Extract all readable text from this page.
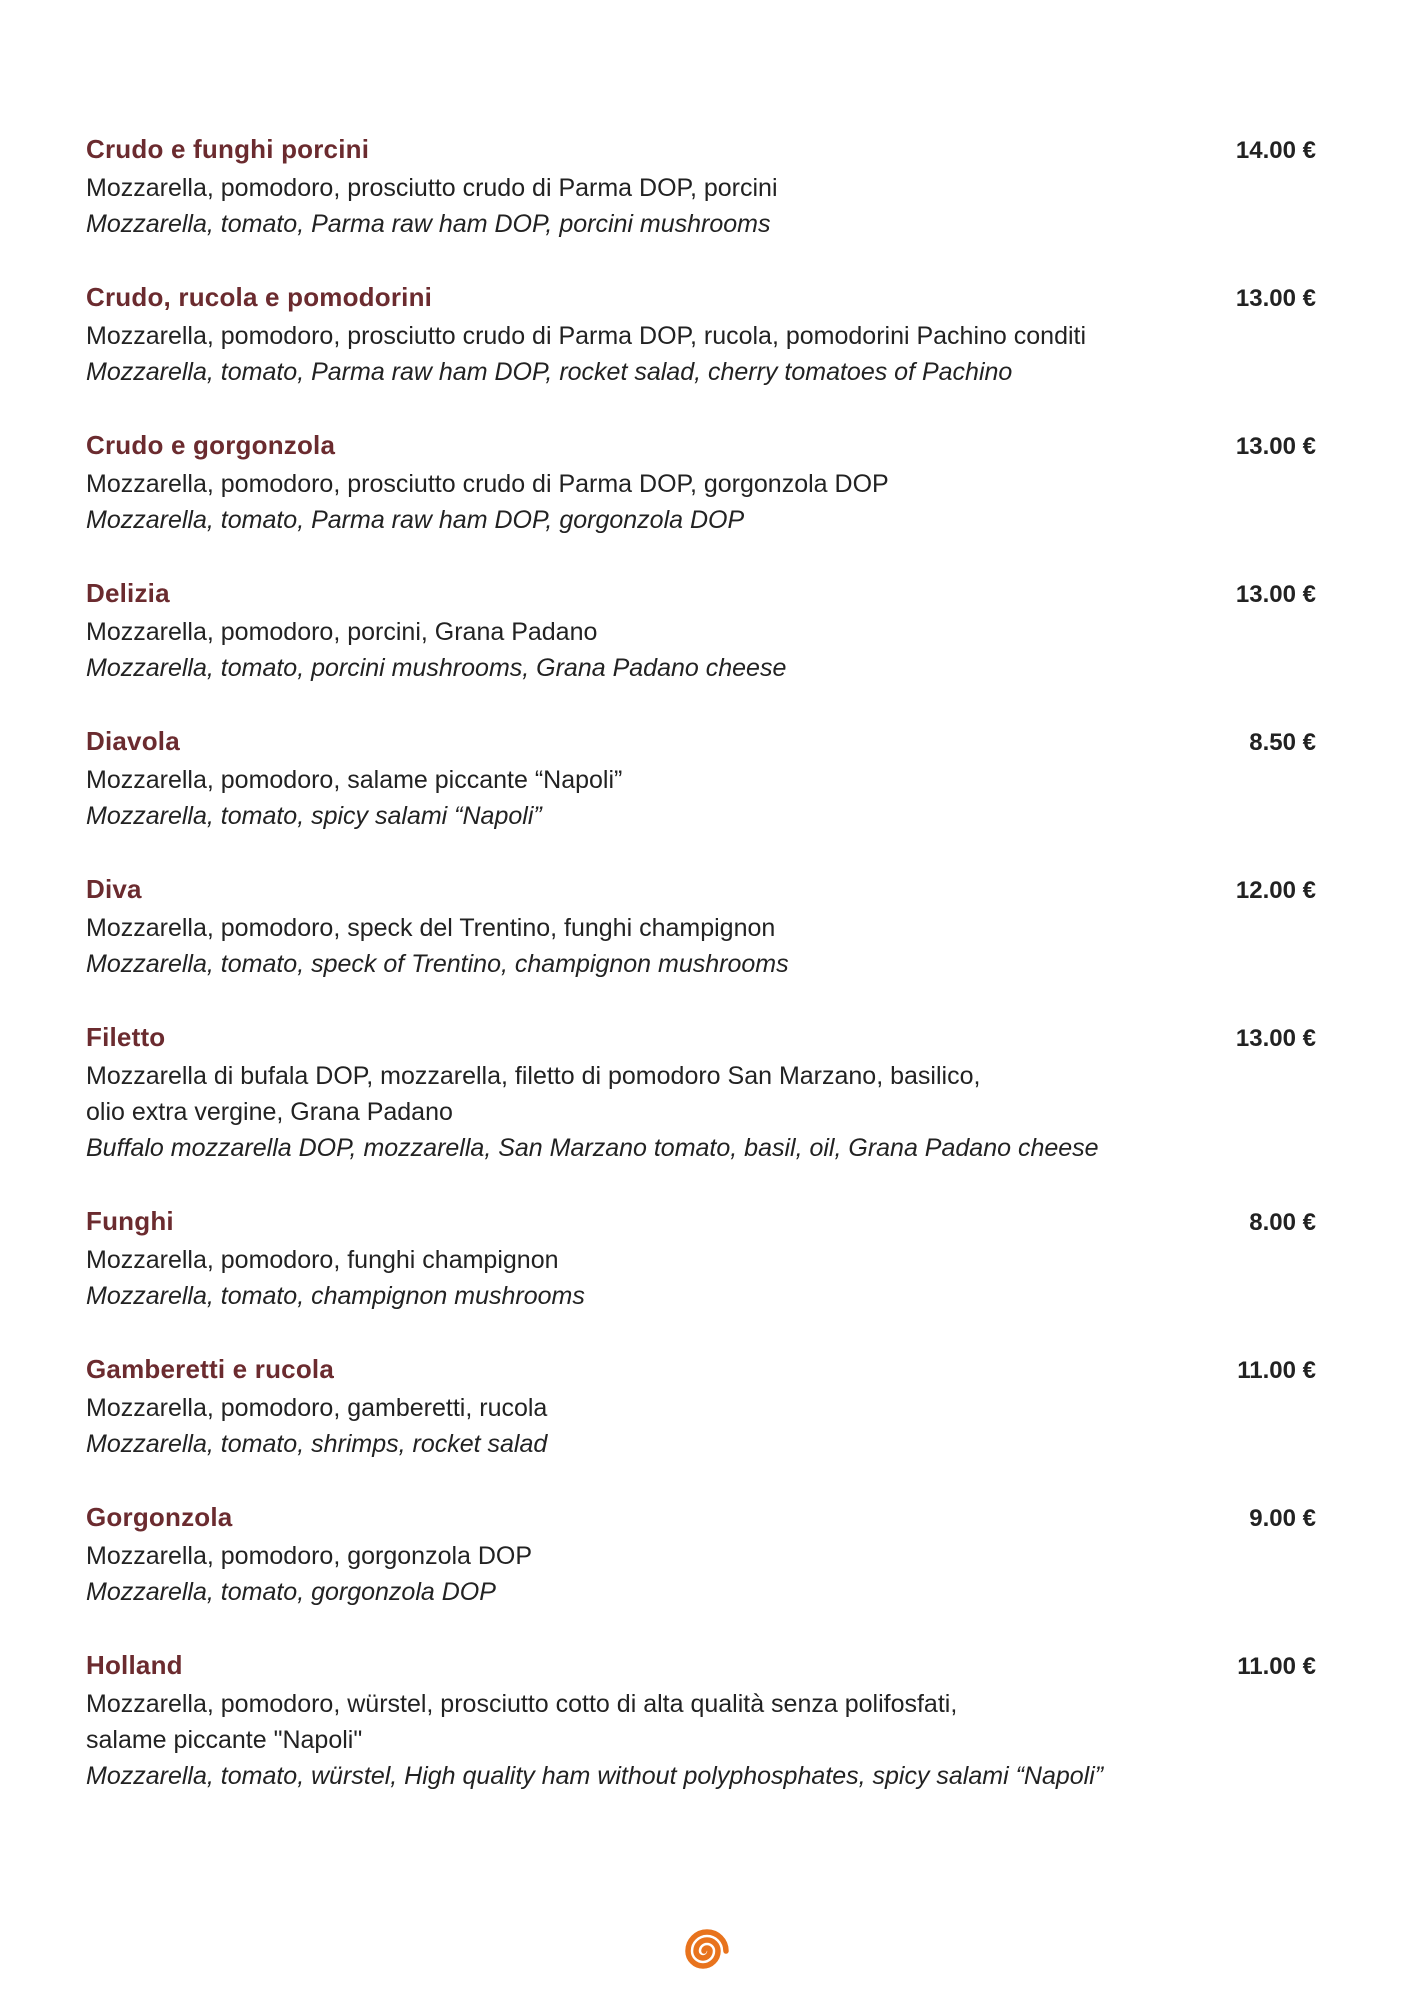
Crudo e funghi porcini	14.00 €
Mozzarella, pomodoro, prosciutto crudo di Parma DOP, porcini
Mozzarella, tomato, Parma raw ham DOP, porcini mushrooms
Crudo, rucola e pomodorini	13.00 €
Mozzarella, pomodoro, prosciutto crudo di Parma DOP, rucola, pomodorini Pachino conditi
Mozzarella, tomato, Parma raw ham DOP, rocket salad, cherry tomatoes of Pachino
Crudo e gorgonzola	13.00 €
Mozzarella, pomodoro, prosciutto crudo di Parma DOP, gorgonzola DOP
Mozzarella, tomato, Parma raw ham DOP, gorgonzola DOP
Delizia	13.00 €
Mozzarella, pomodoro, porcini, Grana Padano
Mozzarella, tomato, porcini mushrooms, Grana Padano cheese
Diavola	8.50 €
Mozzarella, pomodoro, salame piccante “Napoli”
Mozzarella, tomato, spicy salami “Napoli”
Diva	12.00 €
Mozzarella, pomodoro, speck del Trentino, funghi champignon
Mozzarella, tomato, speck of Trentino, champignon mushrooms
Filetto	13.00 €
Mozzarella di bufala DOP, mozzarella, filetto di pomodoro San Marzano, basilico,
olio extra vergine, Grana Padano
Buffalo mozzarella DOP, mozzarella, San Marzano tomato, basil, oil, Grana Padano cheese
Funghi	8.00 €
Mozzarella, pomodoro, funghi champignon
Mozzarella, tomato, champignon mushrooms
Gamberetti e rucola	11.00 €
Mozzarella, pomodoro, gamberetti, rucola
Mozzarella, tomato, shrimps, rocket salad
Gorgonzola	9.00 €
Mozzarella, pomodoro, gorgonzola DOP
Mozzarella, tomato, gorgonzola DOP
Holland	11.00 €
Mozzarella, pomodoro, würstel, prosciutto cotto di alta qualità senza polifosfati,
salame piccante "Napoli"
Mozzarella, tomato, würstel, High quality ham without polyphosphates, spicy salami “Napoli”
